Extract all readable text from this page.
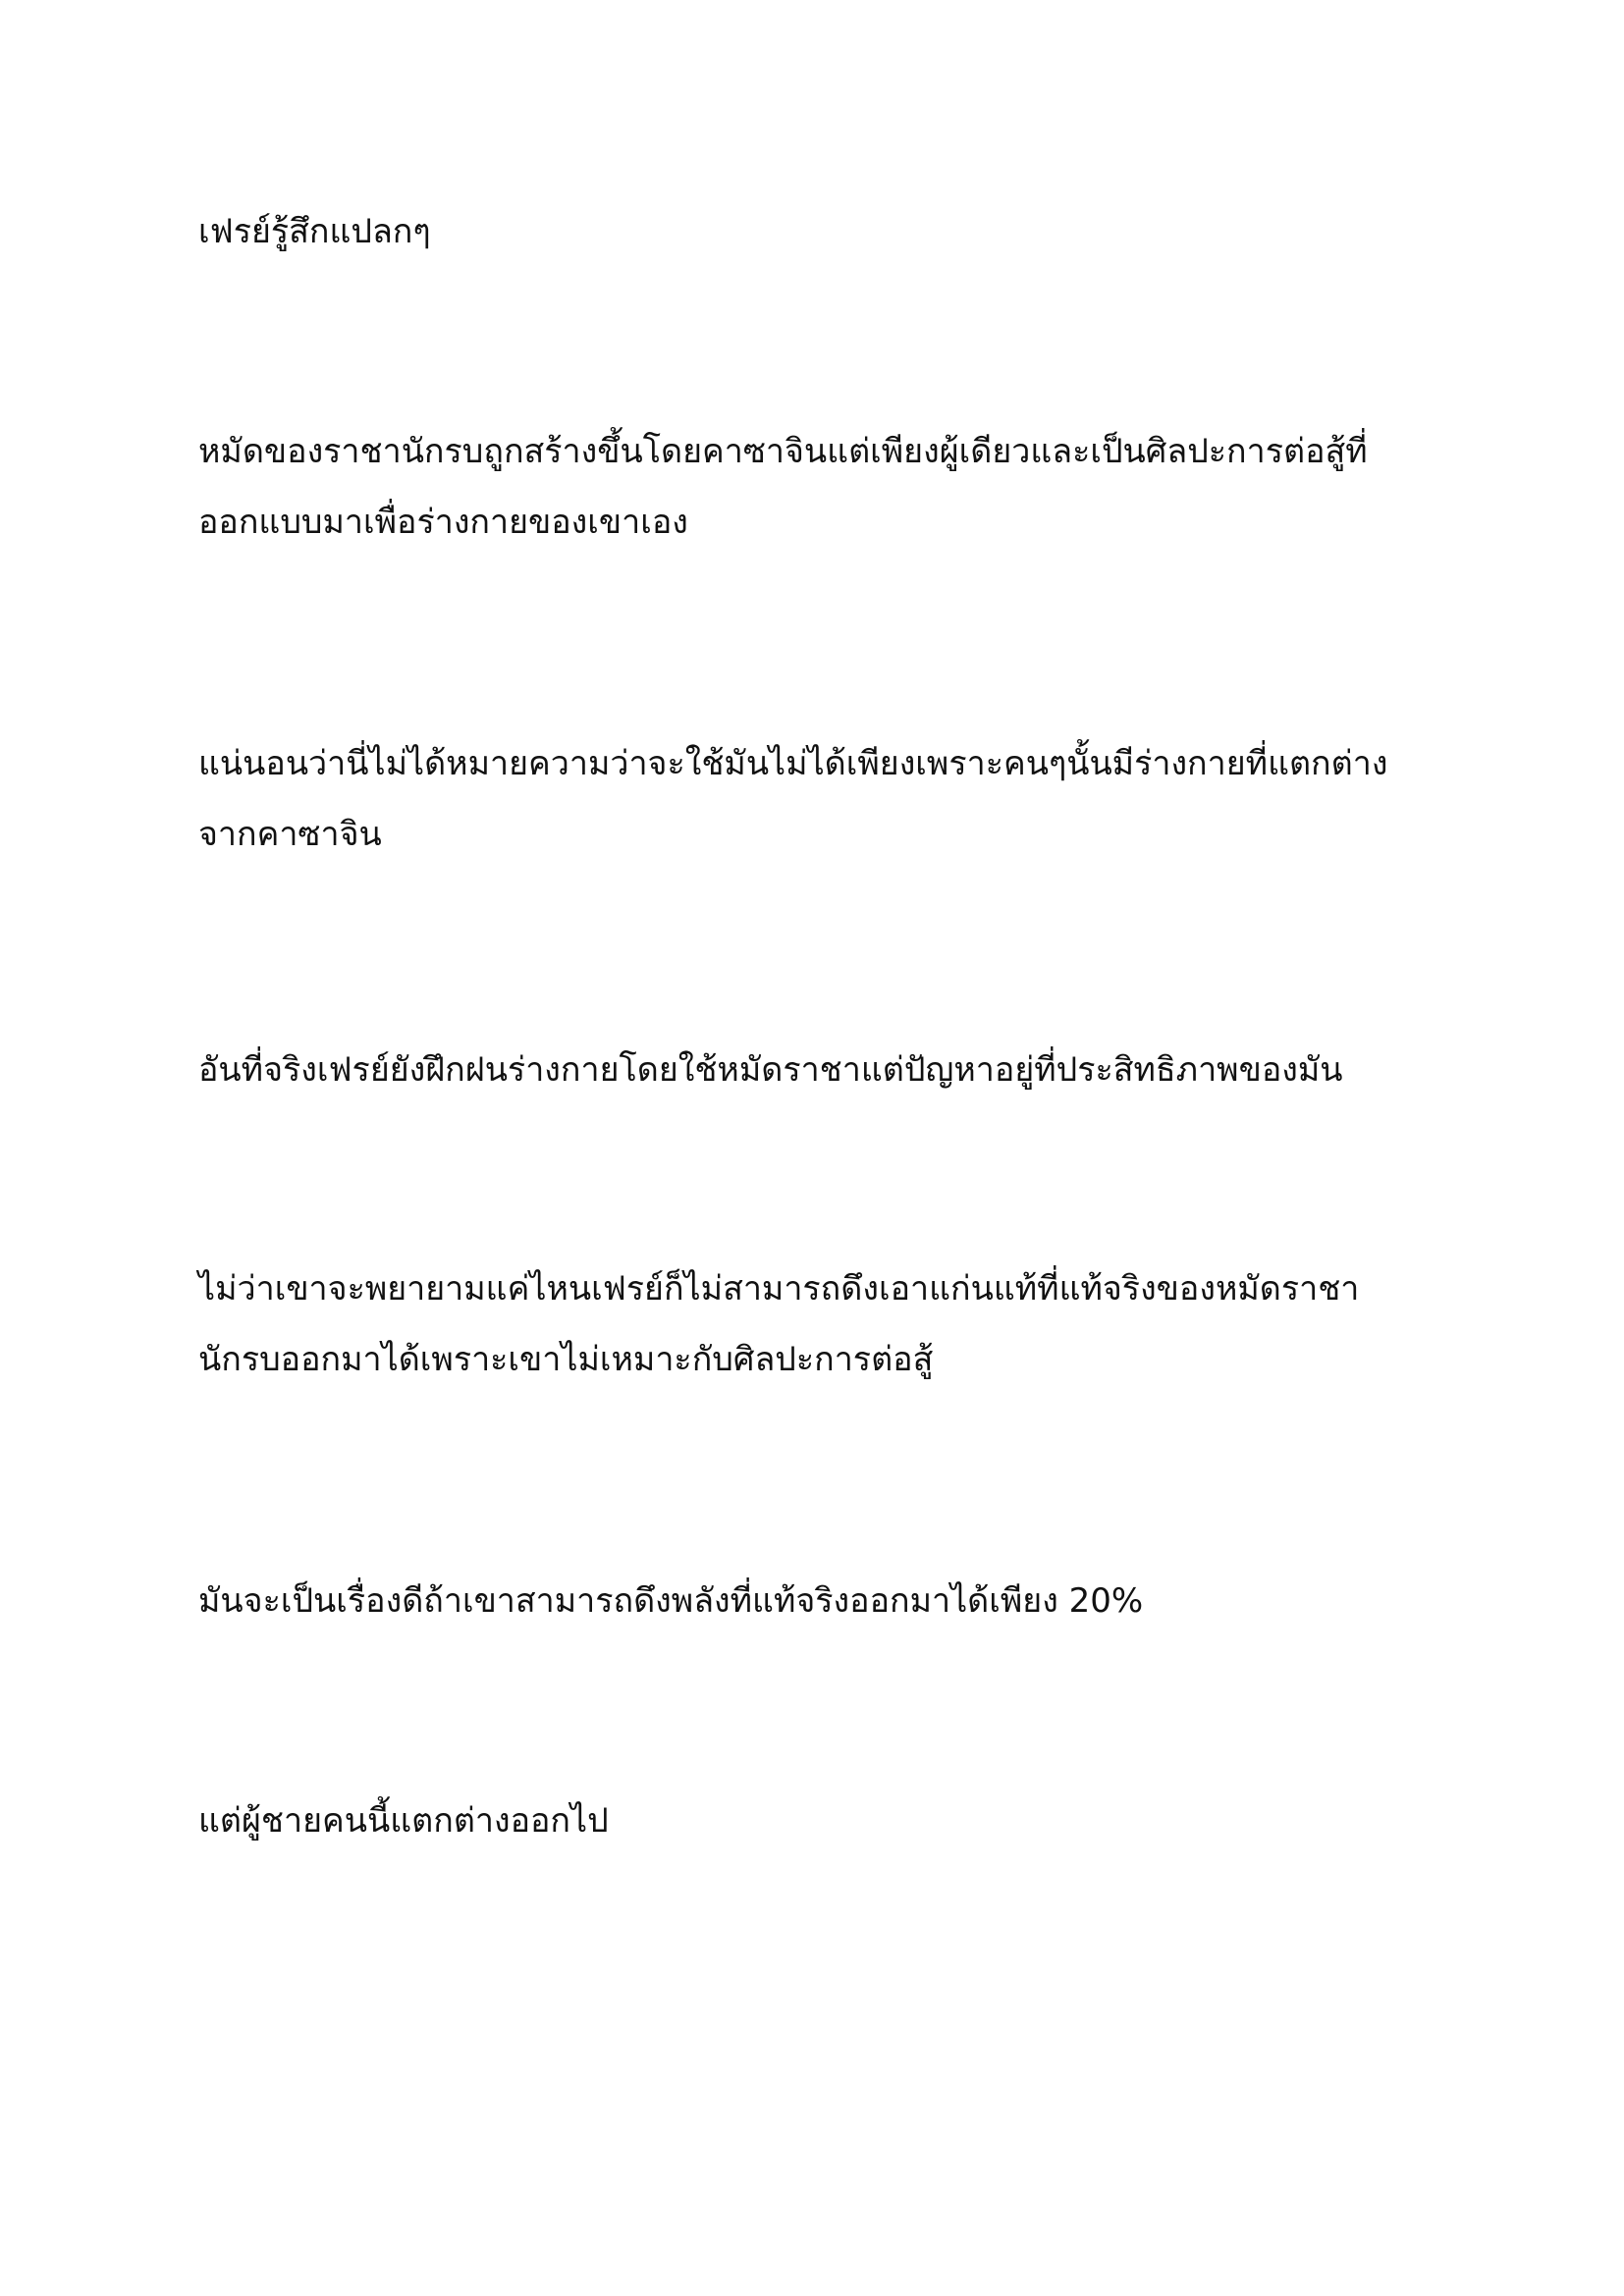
เฟรย์รู้สึกแปลกๆ

หมัดของราชานักรบถูกสร้างขึ้นโดยคาซาจินแต่เพียงผู้เดียวและเป็นศิลปะการต่อสู้ที่
ออกแบบมาเพื่อร่างกายของเขาเอง

แน่นอนว่านี่ไม่ได้หมายความว่าจะใช้มันไม่ได้เพียงเพราะคนๆนั้นมีร่างกายที่แตกต่าง
จากคาซาจิน

อันที่จริงเฟรย์ยังฝึกฝนร่างกายโดยใช้หมัดราชาแต่ปัญหาอยู่ที่ประสิทธิภาพของมัน

ไม่ว่าเขาจะพยายามแค่ไหนเฟรย์ก็ไม่สามารถดึงเอาแก่นแท้ที่แท้จริงของหมัดราชา
นักรบออกมาได้เพราะเขาไม่เหมาะกับศิลปะการต่อสู้

มันจะเป็นเรื่องดีถ้าเขาสามารถดึงพลังที่แท้จริงออกมาได้เพียง 20%

แต่ผู้ชายคนนี้แตกต่างออกไป
